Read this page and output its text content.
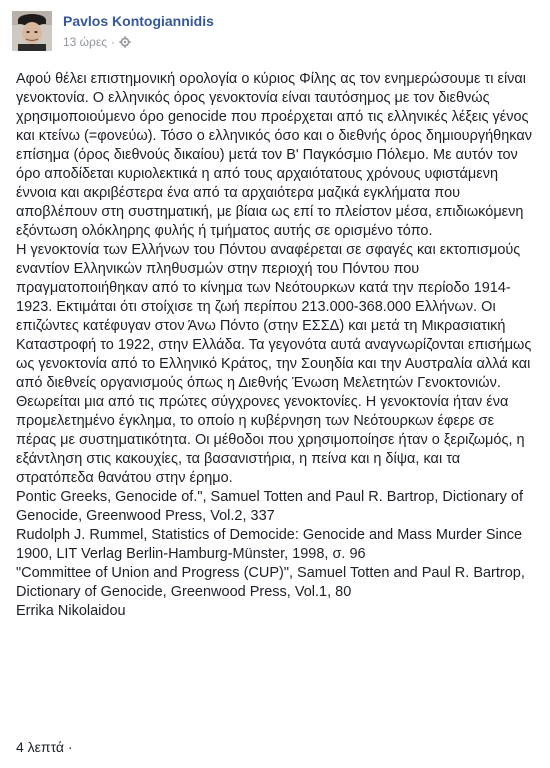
Pavlos Kontogiannidis
13 ώρες ·

Αφού θέλει επιστημονική ορολογία ο κύριος Φίλης ας τον ενημερώσουμε τι είναι γενοκτονία. Ο ελληνικός όρος γενοκτονία είναι ταυτόσημος με τον διεθνώς χρησιμοποιούμενο όρο genocide που προέρχεται από τις ελληνικές λέξεις γένος και κτείνω (=φονεύω). Τόσο ο ελληνικός όσο και ο διεθνής όρος δημιουργήθηκαν επίσημα (όρος διεθνούς δικαίου) μετά τον Β' Παγκόσμιο Πόλεμο. Με αυτόν τον όρο αποδίδεται κυριολεκτικά η από τους αρχαιότατους χρόνους υφιστάμενη έννοια και ακριβέστερα ένα από τα αρχαιότερα μαζικά εγκλήματα που αποβλέπουν στη συστηματική, με βίαια ως επί το πλείστον μέσα, επιδιωκόμενη εξόντωση ολόκληρης φυλής ή τμήματος αυτής σε ορισμένο τόπο.

Η γενοκτονία των Ελλήνων του Πόντου αναφέρεται σε σφαγές και εκτοπισμούς εναντίον Ελληνικών πληθυσμών στην περιοχή του Πόντου που πραγματοποιήθηκαν από το κίνημα των Νεότουρκων κατά την περίοδο 1914-1923. Εκτιμάται ότι στοίχισε τη ζωή περίπου 213.000-368.000 Ελλήνων. Οι επιζώντες κατέφυγαν στον Άνω Πόντο (στην ΕΣΣΔ) και μετά τη Μικρασιατική Καταστροφή το 1922, στην Ελλάδα. Τα γεγονότα αυτά αναγνωρίζονται επισήμως ως γενοκτονία από το Ελληνικό Κράτος, την Σουηδία και την Αυστραλία αλλά και από διεθνείς οργανισμούς όπως η Διεθνής Ένωση Μελετητών Γενοκτονιών.

Θεωρείται μια από τις πρώτες σύγχρονες γενοκτονίες. Η γενοκτονία ήταν ένα προμελετημένο έγκλημα, το οποίο η κυβέρνηση των Νεότουρκων έφερε σε πέρας με συστηματικότητα. Οι μέθοδοι που χρησιμοποίησε ήταν ο ξεριζωμός, η εξάντληση στις κακουχίες, τα βασανιστήρια, η πείνα και η δίψα, και τα στρατόπεδα θανάτου στην έρημο.

Pontic Greeks, Genocide of.", Samuel Totten and Paul R. Bartrop, Dictionary of Genocide, Greenwood Press, Vol.2, 337

Rudolph J. Rummel, Statistics of Democide: Genocide and Mass Murder Since 1900, LIT Verlag Berlin-Hamburg-Münster, 1998, σ. 96

"Committee of Union and Progress (CUP)", Samuel Totten and Paul R. Bartrop, Dictionary of Genocide, Greenwood Press, Vol.1, 80

Errika Nikolaidou

4 λεπτά ·
